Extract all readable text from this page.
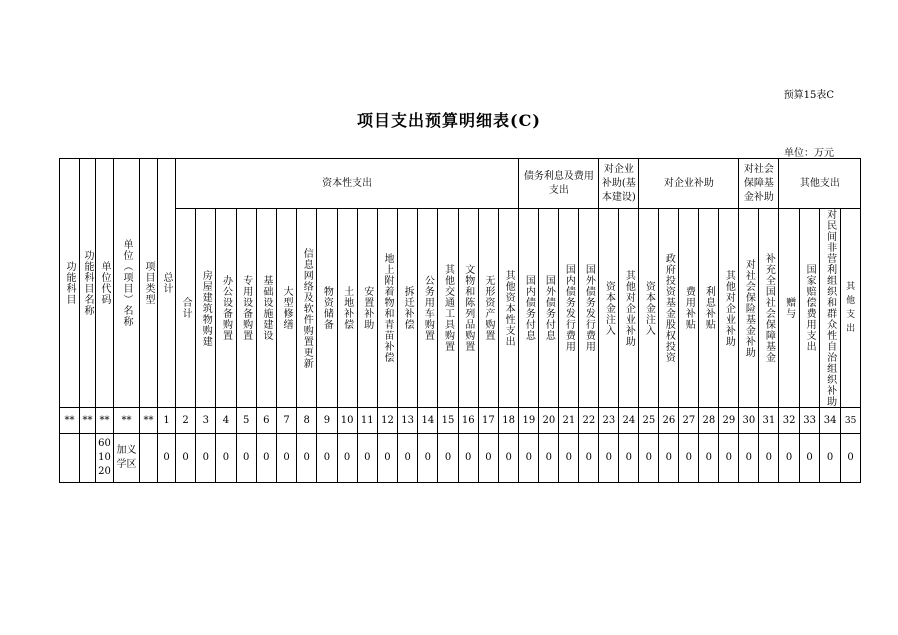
预算15表C
项目支出预算明细表(C)
单位：万元
功能科目	功能科目名称	单位代码	单位（项目）名称	项目类型	总计	资本性支出																	债务利息及费用支出				对企业补助(基本建设)		对企业补助					对社会保障基金补助		其他支出			
						合计	房屋建筑物购建	办公设备购置	专用设备购置	基础设施建设	大型修缮	信息网络及软件购置更新	物资储备	土地补偿	安置补助	地上附着物和青苗补偿	拆迁补偿	公务用车购置	其他交通工具购置	文物和陈列品购置	无形资产购置	其他资本性支出	国内债务付息	国外债务付息	国内债务发行费用	国外债务发行费用	资本金注入	其他对企业补助	资本金注入	政府投资基金股权投资	费用补贴	利息补贴	其他对企业补助	对社会保险基金补助	补充全国社会保障基金	赠与	国家赔偿费用支出	对民间非营利组织和群众性自治组织补助	其他支出
**	**	**	**	**	1	2	3	4	5	6	7	8	9	10	11	12	13	14	15	16	17	18	19	20	21	22	23	24	25	26	27	28	29	30	31	32	33	34	35
		601020	加义学区		0	0	0	0	0	0	0	0	0	0	0	0	0	0	0	0	0	0	0	0	0	0	0	0	0	0	0	0	0	0	0	0	0	0	0
